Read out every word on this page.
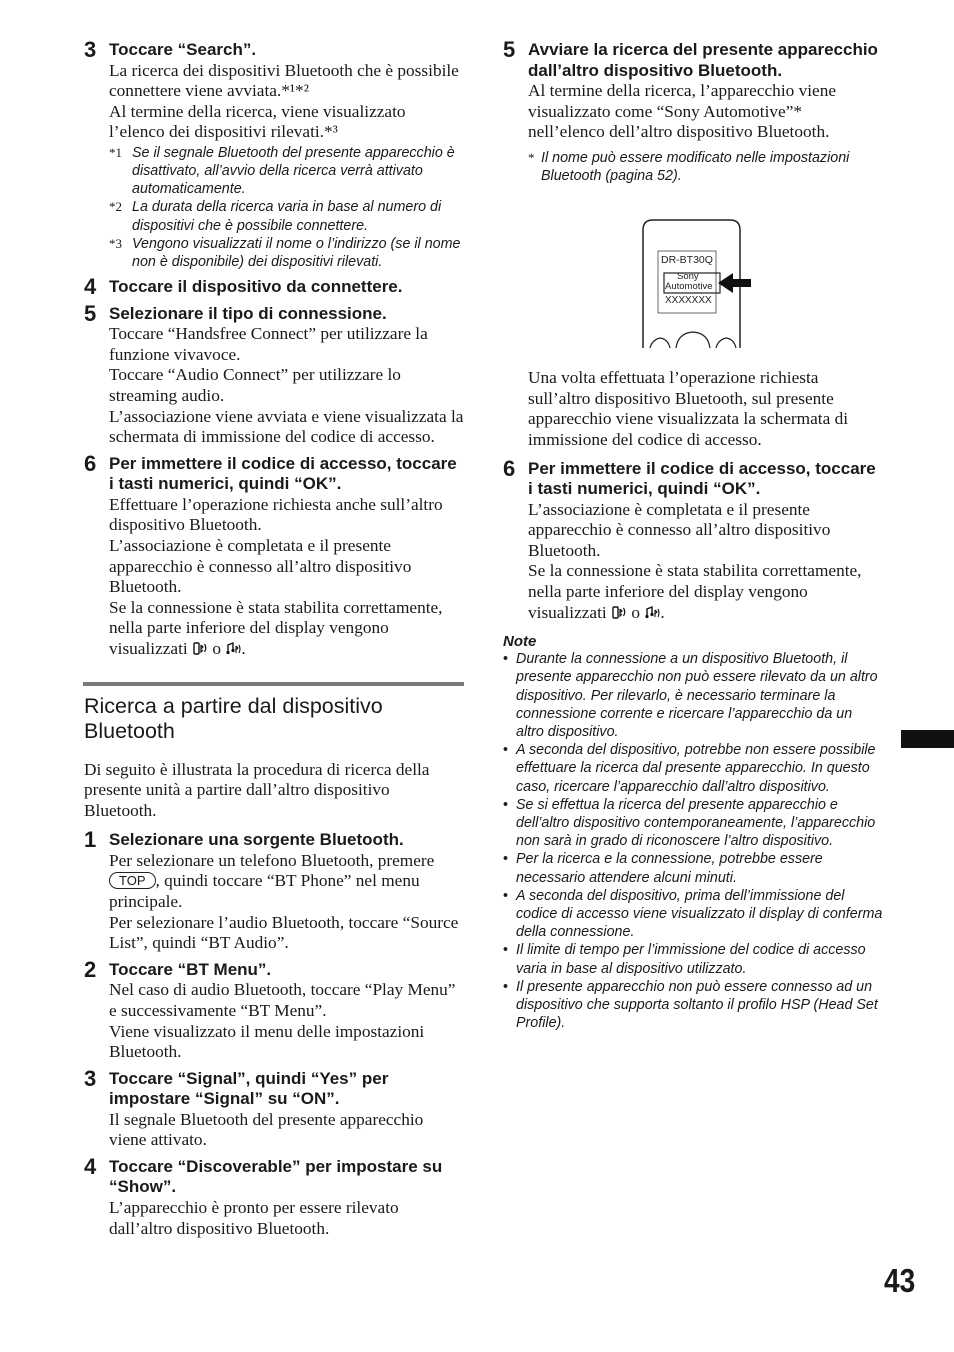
3 Toccare “Search”.
La ricerca dei dispositivi Bluetooth che è possibile connettere viene avviata.*¹*²
Al termine della ricerca, viene visualizzato l’elenco dei dispositivi rilevati.*³
*1 Se il segnale Bluetooth del presente apparecchio è disattivato, all’avvio della ricerca verrà attivato automaticamente.
*2 La durata della ricerca varia in base al numero di dispositivi che è possibile connettere.
*3 Vengono visualizzati il nome o l’indirizzo (se il nome non è disponibile) dei dispositivi rilevati.
4 Toccare il dispositivo da connettere.
5 Selezionare il tipo di connessione.
Toccare “Handsfree Connect” per utilizzare la funzione vivavoce.
Toccare “Audio Connect” per utilizzare lo streaming audio.
L’associazione viene avviata e viene visualizzata la schermata di immissione del codice di accesso.
6 Per immettere il codice di accesso, toccare i tasti numerici, quindi “OK”.
Effettuare l’operazione richiesta anche sull’altro dispositivo Bluetooth.
L’associazione è completata e il presente apparecchio è connesso all’altro dispositivo Bluetooth.
Se la connessione è stata stabilita correttamente, nella parte inferiore del display vengono visualizzati o .
Ricerca a partire dal dispositivo Bluetooth
Di seguito è illustrata la procedura di ricerca della presente unità a partire dall’altro dispositivo Bluetooth.
1 Selezionare una sorgente Bluetooth.
Per selezionare un telefono Bluetooth, premere TOP , quindi toccare “BT Phone” nel menu principale.
Per selezionare l’audio Bluetooth, toccare “Source List”, quindi “BT Audio”.
2 Toccare “BT Menu”.
Nel caso di audio Bluetooth, toccare “Play Menu” e successivamente “BT Menu”.
Viene visualizzato il menu delle impostazioni Bluetooth.
3 Toccare “Signal”, quindi “Yes” per impostare “Signal” su “ON”.
Il segnale Bluetooth del presente apparecchio viene attivato.
4 Toccare “Discoverable” per impostare su “Show”.
L’apparecchio è pronto per essere rilevato dall’altro dispositivo Bluetooth.
5 Avviare la ricerca del presente apparecchio dall’altro dispositivo Bluetooth.
Al termine della ricerca, l’apparecchio viene visualizzato come “Sony Automotive”* nell’elenco dell’altro dispositivo Bluetooth.
* Il nome può essere modificato nelle impostazioni Bluetooth (pagina 52).
DR-BT30Q
Sony
Automotive
XXXXXXX
Una volta effettuata l’operazione richiesta sull’altro dispositivo Bluetooth, sul presente apparecchio viene visualizzata la schermata di immissione del codice di accesso.
6 Per immettere il codice di accesso, toccare i tasti numerici, quindi “OK”.
L’associazione è completata e il presente apparecchio è connesso all’altro dispositivo Bluetooth.
Se la connessione è stata stabilita correttamente, nella parte inferiore del display vengono visualizzati o .
Note
• Durante la connessione a un dispositivo Bluetooth, il presente apparecchio non può essere rilevato da un altro dispositivo. Per rilevarlo, è necessario terminare la connessione corrente e ricercare l’apparecchio da un altro dispositivo.
• A seconda del dispositivo, potrebbe non essere possibile effettuare la ricerca dal presente apparecchio. In questo caso, ricercare l’apparecchio dall’altro dispositivo.
• Se si effettua la ricerca del presente apparecchio e dell’altro dispositivo contemporaneamente, l’apparecchio non sarà in grado di riconoscere l’altro dispositivo.
• Per la ricerca e la connessione, potrebbe essere necessario attendere alcuni minuti.
• A seconda del dispositivo, prima dell’immissione del codice di accesso viene visualizzato il display di conferma della connessione.
• Il limite di tempo per l’immissione del codice di accesso varia in base al dispositivo utilizzato.
• Il presente apparecchio non può essere connesso ad un dispositivo che supporta soltanto il profilo HSP (Head Set Profile).
43
